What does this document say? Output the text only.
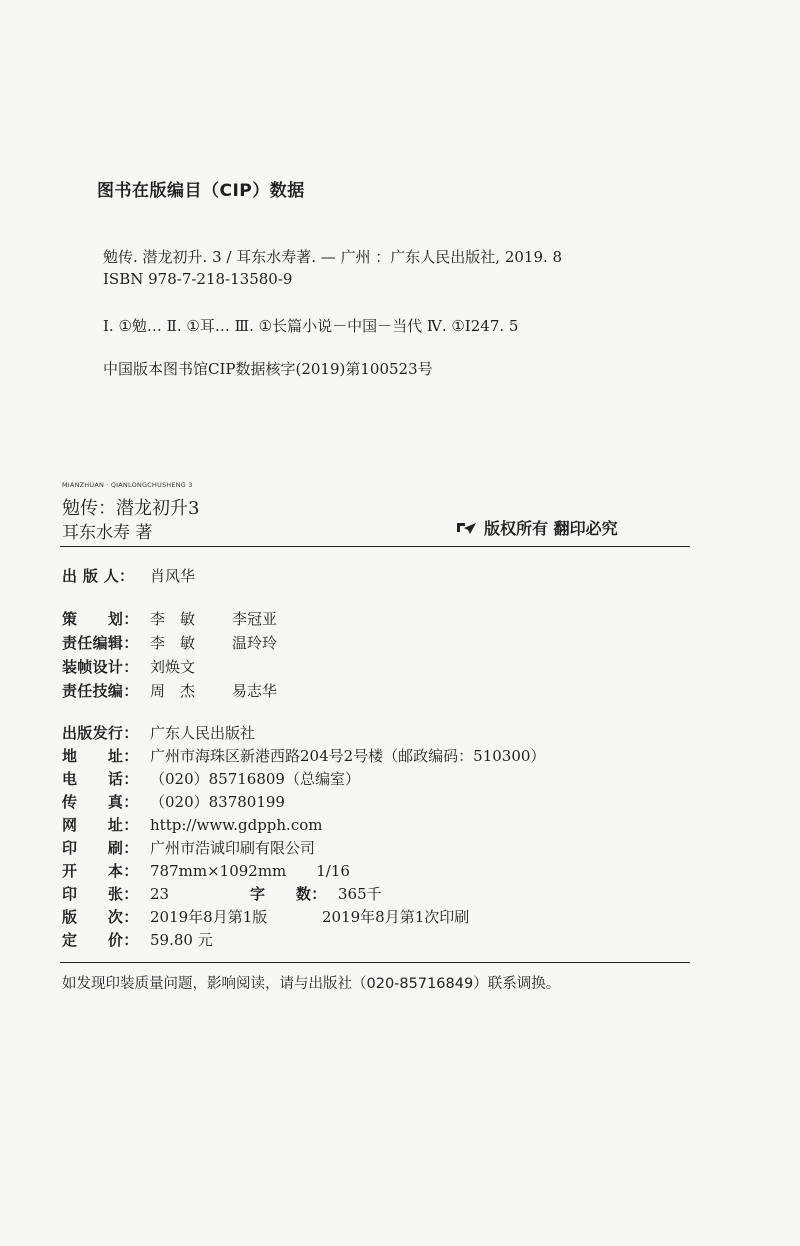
图书在版编目（CIP）数据
勉传. 潜龙初升. 3 / 耳东水寿著. — 广州 ：广东人民出版社, 2019. 8
ISBN 978-7-218-13580-9
Ⅰ. ①勉… Ⅱ. ①耳… Ⅲ. ①长篇小说－中国－当代 Ⅳ. ①I247. 5
中国版本图书馆CIP数据核字(2019)第100523号
MIANZHUAN · QIANLONGCHUSHENG 3
勉传：潜龙初升3
耳东水寿 著	版权所有 翻印必究
出 版 人：	肖风华
策　　划： 李　敏	李冠亚
责任编辑： 李　敏	温玲玲
装帧设计： 刘焕文
责任技编： 周　杰	易志华
出版发行： 广东人民出版社
地　　址： 广州市海珠区新港西路204号2号楼（邮政编码：510300）
电　　话： （020）85716809（总编室）
传　　真： （020）83780199
网　　址： http://www.gdpph.com
印　　刷： 广州市浩诚印刷有限公司
开　　本： 787mm×1092mm　　1/16
印　　张： 23	字　　数： 365千
版　　次： 2019年8月第1版	2019年8月第1次印刷
定　　价： 59.80 元
如发现印装质量问题，影响阅读，请与出版社（020-85716849）联系调换。
